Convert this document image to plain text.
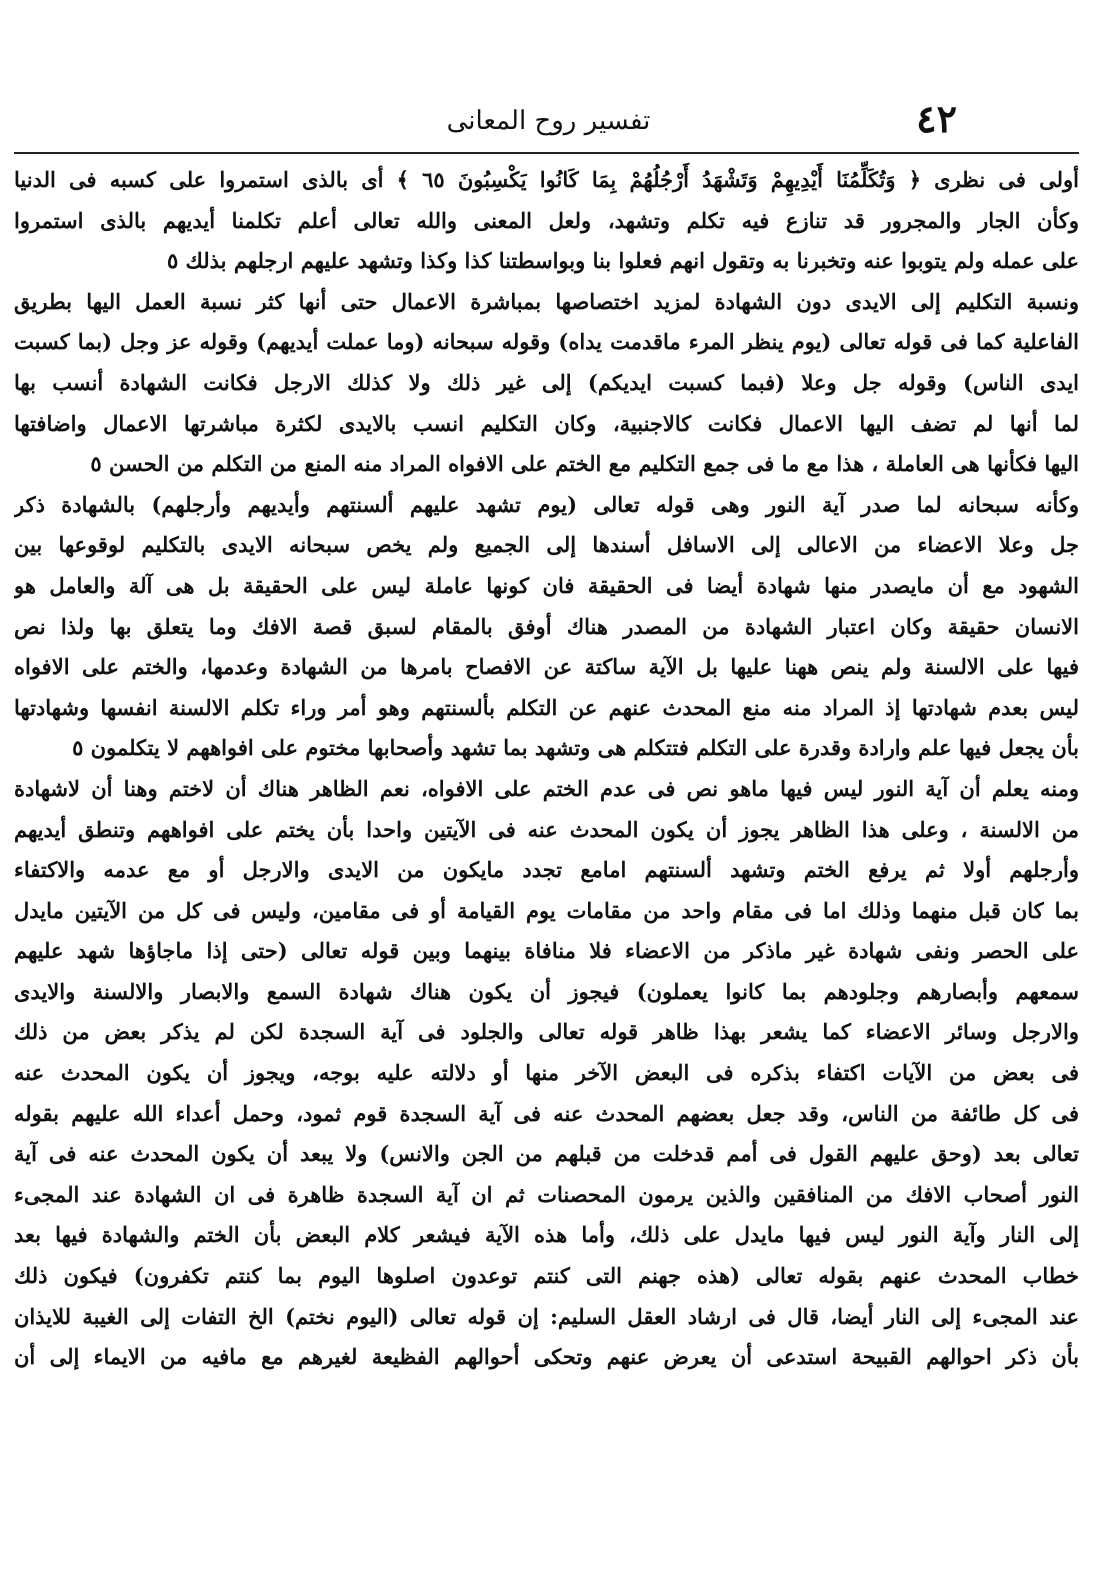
٤٢
تفسير روح المعانى
أولى فى نظرى ﴿ وَتُكَلِّمُنَا أَيْدِيهِمْ وَتَشْهَدُ أَرْجُلُهُمْ بِمَا كَانُوا يَكْسِبُونَ ٦٥ ﴾ أى بالذى استمروا على كسبه فى الدنيا
وكأن الجار والمجرور قد تنازع فيه تكلم وتشهد، ولعل المعنى والله تعالى أعلم تكلمنا أيديهم بالذى استمروا
على عمله ولم يتوبوا عنه وتخبرنا به وتقول انهم فعلوا بنا وبواسطتنا كذا وكذا وتشهد عليهم ارجلهم بذلك ٥
ونسبة التكليم إلى الايدى دون الشهادة لمزيد اختصاصها بمباشرة الاعمال حتى أنها كثر نسبة العمل اليها بطريق
الفاعلية كما فى قوله تعالى (يوم ينظر المرء ماقدمت يداه) وقوله سبحانه (وما عملت أيديهم) وقوله عز وجل (بما كسبت
ايدى الناس) وقوله جل وعلا (فبما كسبت ايديكم) إلى غير ذلك ولا كذلك الارجل فكانت الشهادة أنسب بها
لما أنها لم تضف اليها الاعمال فكانت كالاجنبية، وكان التكليم انسب بالايدى لكثرة مباشرتها الاعمال واضافتها
اليها فكأنها هى العاملة ، هذا مع ما فى جمع التكليم مع الختم على الافواه المراد منه المنع من التكلم من الحسن ٥
وكأنه سبحانه لما صدر آية النور وهى قوله تعالى (يوم تشهد عليهم ألسنتهم وأيديهم وأرجلهم) بالشهادة ذكر
جل وعلا الاعضاء من الاعالى إلى الاسافل أسندها إلى الجميع ولم يخص سبحانه الايدى بالتكليم لوقوعها بين
الشهود مع أن مايصدر منها شهادة أيضا فى الحقيقة فان كونها عاملة ليس على الحقيقة بل هى آلة والعامل هو
الانسان حقيقة وكان اعتبار الشهادة من المصدر هناك أوفق بالمقام لسبق قصة الافك وما يتعلق بها ولذا نص
فيها على الالسنة ولم ينص ههنا عليها بل الآية ساكتة عن الافصاح بامرها من الشهادة وعدمها، والختم على الافواه
ليس بعدم شهادتها إذ المراد منه منع المحدث عنهم عن التكلم بألسنتهم وهو أمر وراء تكلم الالسنة انفسها وشهادتها
بأن يجعل فيها علم وارادة وقدرة على التكلم فتتكلم هى وتشهد بما تشهد وأصحابها مختوم على افواههم لا يتكلمون ٥
ومنه يعلم أن آية النور ليس فيها ماهو نص فى عدم الختم على الافواه، نعم الظاهر هناك أن لاختم وهنا أن لاشهادة
من الالسنة ، وعلى هذا الظاهر يجوز أن يكون المحدث عنه فى الآيتين واحدا بأن يختم على افواههم وتنطق أيديهم
وأرجلهم أولا ثم يرفع الختم وتشهد ألسنتهم امامع تجدد مايكون من الايدى والارجل أو مع عدمه والاكتفاء
بما كان قبل منهما وذلك اما فى مقام واحد من مقامات يوم القيامة أو فى مقامين، وليس فى كل من الآيتين مايدل
على الحصر ونفى شهادة غير ماذكر من الاعضاء فلا منافاة بينهما وبين قوله تعالى (حتى إذا ماجاؤها شهد عليهم
سمعهم وأبصارهم وجلودهم بما كانوا يعملون) فيجوز أن يكون هناك شهادة السمع والابصار والالسنة والايدى
والارجل وسائر الاعضاء كما يشعر بهذا ظاهر قوله تعالى والجلود فى آية السجدة لكن لم يذكر بعض من ذلك
فى بعض من الآيات اكتفاء بذكره فى البعض الآخر منها أو دلالته عليه بوجه، ويجوز أن يكون المحدث عنه
فى كل طائفة من الناس، وقد جعل بعضهم المحدث عنه فى آية السجدة قوم ثمود، وحمل أعداء الله عليهم بقوله
تعالى بعد (وحق عليهم القول فى أمم قدخلت من قبلهم من الجن والانس) ولا يبعد أن يكون المحدث عنه فى آية
النور أصحاب الافك من المنافقين والذين يرمون المحصنات ثم ان آية السجدة ظاهرة فى ان الشهادة عند المجىء
إلى النار وآية النور ليس فيها مايدل على ذلك، وأما هذه الآية فيشعر كلام البعض بأن الختم والشهادة فيها بعد
خطاب المحدث عنهم بقوله تعالى (هذه جهنم التى كنتم توعدون اصلوها اليوم بما كنتم تكفرون) فيكون ذلك
عند المجىء إلى النار أيضا، قال فى ارشاد العقل السليم: إن قوله تعالى (اليوم نختم) الخ التفات إلى الغيبة للايذان
بأن ذكر احوالهم القبيحة استدعى أن يعرض عنهم وتحكى أحوالهم الفظيعة لغيرهم مع مافيه من الايماء إلى أن
